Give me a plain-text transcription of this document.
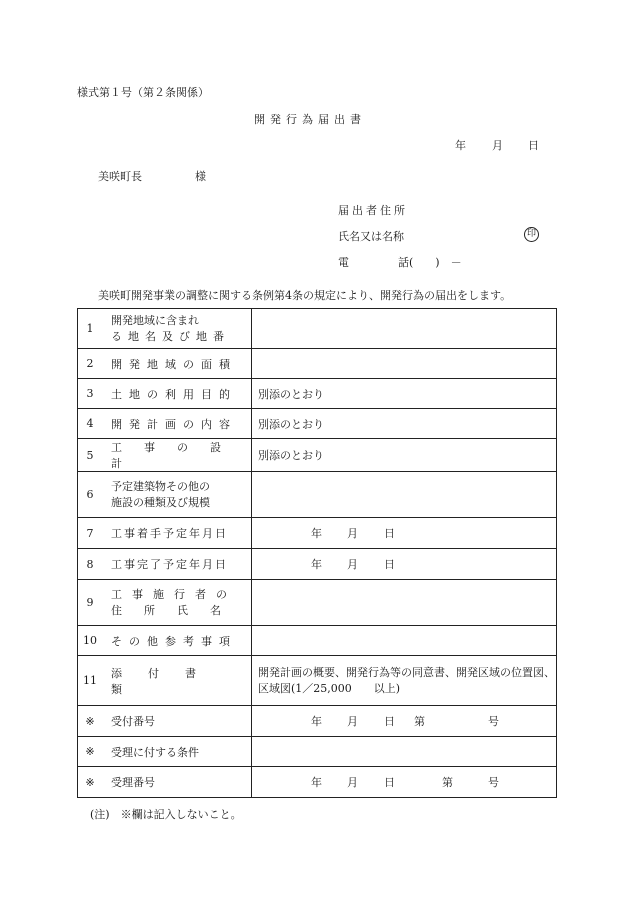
様式第１号（第２条関係）
開発行為届出書
年 月 日
美咲町長	様
届出者住所
氏名又は名称	印
電	話(　　)　－
美咲町開発事業の調整に関する条例第4条の規定により、開発行為の届出をします。
1	開発地域に含まれ
る地名及び地番	

2	開発地域の面積	

3	土地の利用目的	別添のとおり
4	開発計画の内容	別添のとおり
5	工事の設計	別添のとおり
6	予定建築物その他の
施設の種類及び規模	

7	工事着手予定年月日	年 月 日

8	工事完了予定年月日	年 月 日

9	工事施行者の
住所氏名	

10	その他参考事項	

11	添付書類	開発計画の概要、開発行為等の同意書、開発区域の位置図、
区域図(1／25,000　　以上)

※	受付番号	年 月 日 第 号

※	受理に付する条件	
※	受理番号	年 月 日 第 号
(注)　※欄は記入しないこと。
